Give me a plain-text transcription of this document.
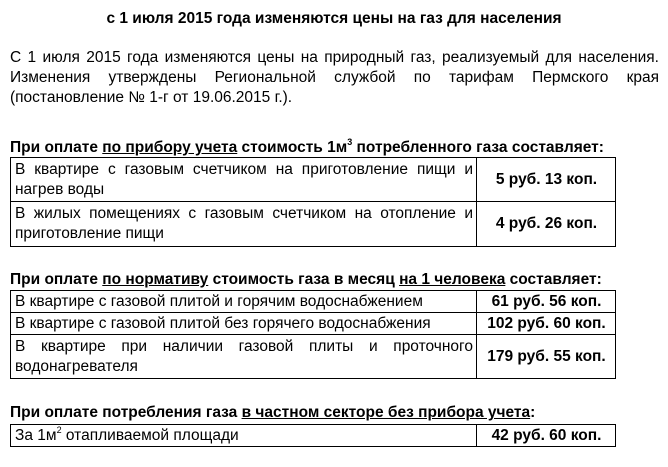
с 1 июля 2015 года изменяются цены на газ для населения
С 1 июля 2015 года изменяются цены на природный газ, реализуемый для населения.
Изменения утверждены Региональной службой по тарифам Пермского края
(постановление № 1-г от 19.06.2015 г.).
При оплате по прибору учета стоимость $1м^3$ потребленного газа составляет:
В квартире с газовым счетчиком на приготовление пищи и нагрев воды	5 руб. 13 коп.
В жилых помещениях с газовым счетчиком на отопление и приготовление пищи	4 руб. 26 коп.
При оплате по нормативу стоимость газа в месяц на 1 человека составляет:
В квартире с газовой плитой и горячим водоснабжением	61 руб. 56 коп.
В квартире с газовой плитой без горячего водоснабжения	102 руб. 60 коп.
В квартире при наличии газовой плиты и проточного водонагревателя	179 руб. 55 коп.
При оплате потребления газа в частном секторе без прибора учета:
За $1м^2$ отапливаемой площади	42 руб. 60 коп.
